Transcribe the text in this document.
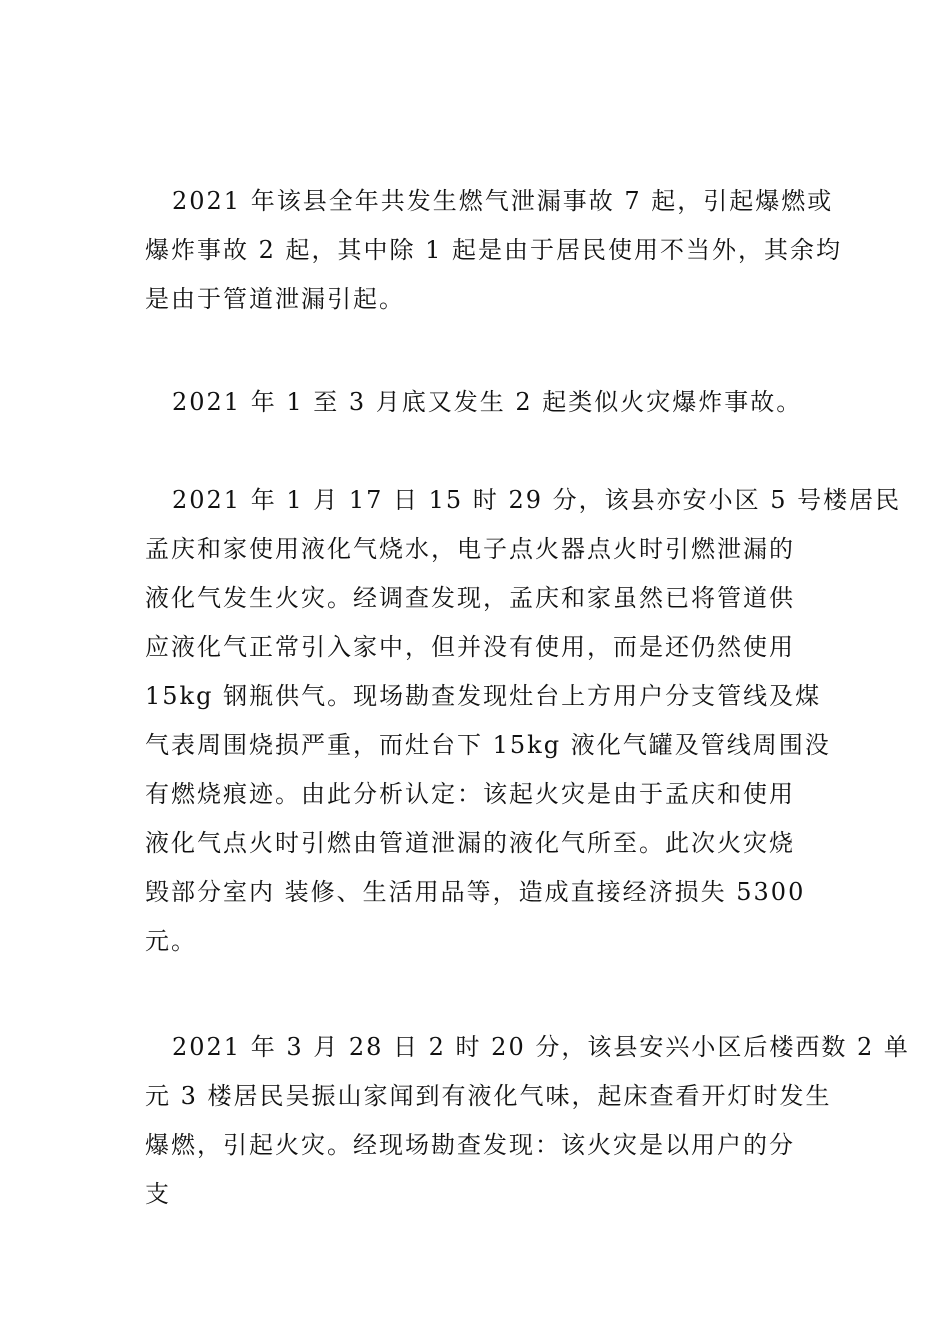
2021 年该县全年共发生燃气泄漏事故 7 起，引起爆燃或
爆炸事故 2 起，其中除 1 起是由于居民使用不当外，其余均
是由于管道泄漏引起。
2021 年 1 至 3 月底又发生 2 起类似火灾爆炸事故。
2021 年 1 月 17 日 15 时 29 分，该县亦安小区 5 号楼居民
孟庆和家使用液化气烧水，电子点火器点火时引燃泄漏的
液化气发生火灾。经调查发现，孟庆和家虽然已将管道供
应液化气正常引入家中，但并没有使用，而是还仍然使用
15kg 钢瓶供气。现场勘查发现灶台上方用户分支管线及煤
气表周围烧损严重，而灶台下 15kg 液化气罐及管线周围没
有燃烧痕迹。由此分析认定：该起火灾是由于孟庆和使用
液化气点火时引燃由管道泄漏的液化气所至。此次火灾烧
毁部分室内 装修、生活用品等，造成直接经济损失 5300
元。
2021 年 3 月 28 日 2 时 20 分，该县安兴小区后楼西数 2 单
元 3 楼居民吴振山家闻到有液化气味，起床查看开灯时发生
爆燃，引起火灾。经现场勘查发现：该火灾是以用户的分
支
